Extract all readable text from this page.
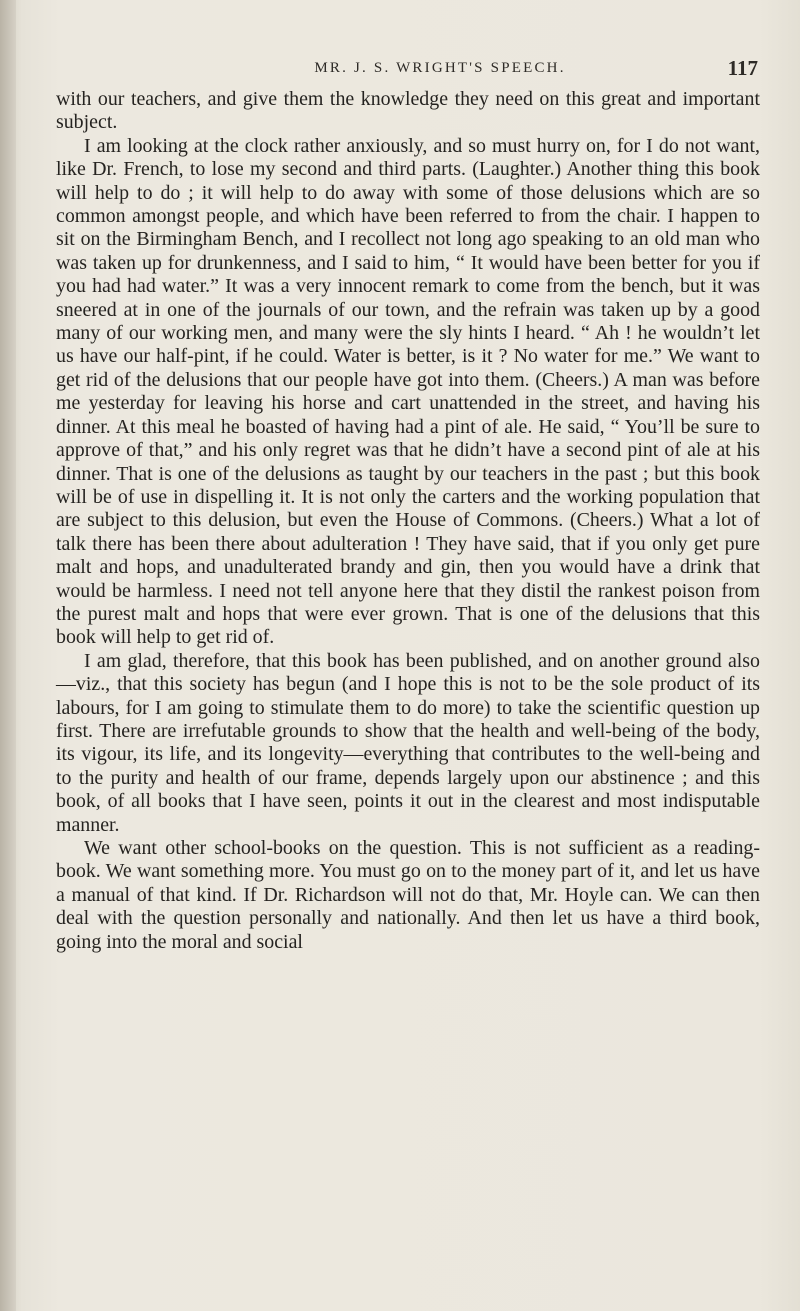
MR. J. S. WRIGHT'S SPEECH.	117

with our teachers, and give them the knowledge they need on this great and important subject.

I am looking at the clock rather anxiously, and so must hurry on, for I do not want, like Dr. French, to lose my second and third parts. (Laughter.) Another thing this book will help to do ; it will help to do away with some of those delusions which are so common amongst people, and which have been referred to from the chair. I happen to sit on the Birmingham Bench, and I recollect not long ago speaking to an old man who was taken up for drunkenness, and I said to him, “ It would have been better for you if you had had water.” It was a very innocent remark to come from the bench, but it was sneered at in one of the journals of our town, and the refrain was taken up by a good many of our working men, and many were the sly hints I heard. “ Ah ! he wouldn’t let us have our half-pint, if he could. Water is better, is it ? No water for me.” We want to get rid of the delusions that our people have got into them. (Cheers.) A man was before me yesterday for leaving his horse and cart unattended in the street, and having his dinner. At this meal he boasted of having had a pint of ale. He said, “ You’ll be sure to approve of that,” and his only regret was that he didn’t have a second pint of ale at his dinner. That is one of the delusions as taught by our teachers in the past ; but this book will be of use in dispelling it. It is not only the carters and the working population that are subject to this delusion, but even the House of Commons. (Cheers.) What a lot of talk there has been there about adulteration ! They have said, that if you only get pure malt and hops, and unadulterated brandy and gin, then you would have a drink that would be harmless. I need not tell anyone here that they distil the rankest poison from the purest malt and hops that were ever grown. That is one of the delusions that this book will help to get rid of.

I am glad, therefore, that this book has been published, and on another ground also—viz., that this society has begun (and I hope this is not to be the sole product of its labours, for I am going to stimulate them to do more) to take the scientific question up first. There are irrefutable grounds to show that the health and well-being of the body, its vigour, its life, and its longevity—everything that contributes to the well-being and to the purity and health of our frame, depends largely upon our abstinence ; and this book, of all books that I have seen, points it out in the clearest and most indisputable manner.

We want other school-books on the question. This is not sufficient as a reading-book. We want something more. You must go on to the money part of it, and let us have a manual of that kind. If Dr. Richardson will not do that, Mr. Hoyle can. We can then deal with the question personally and nationally. And then let us have a third book, going into the moral and social
